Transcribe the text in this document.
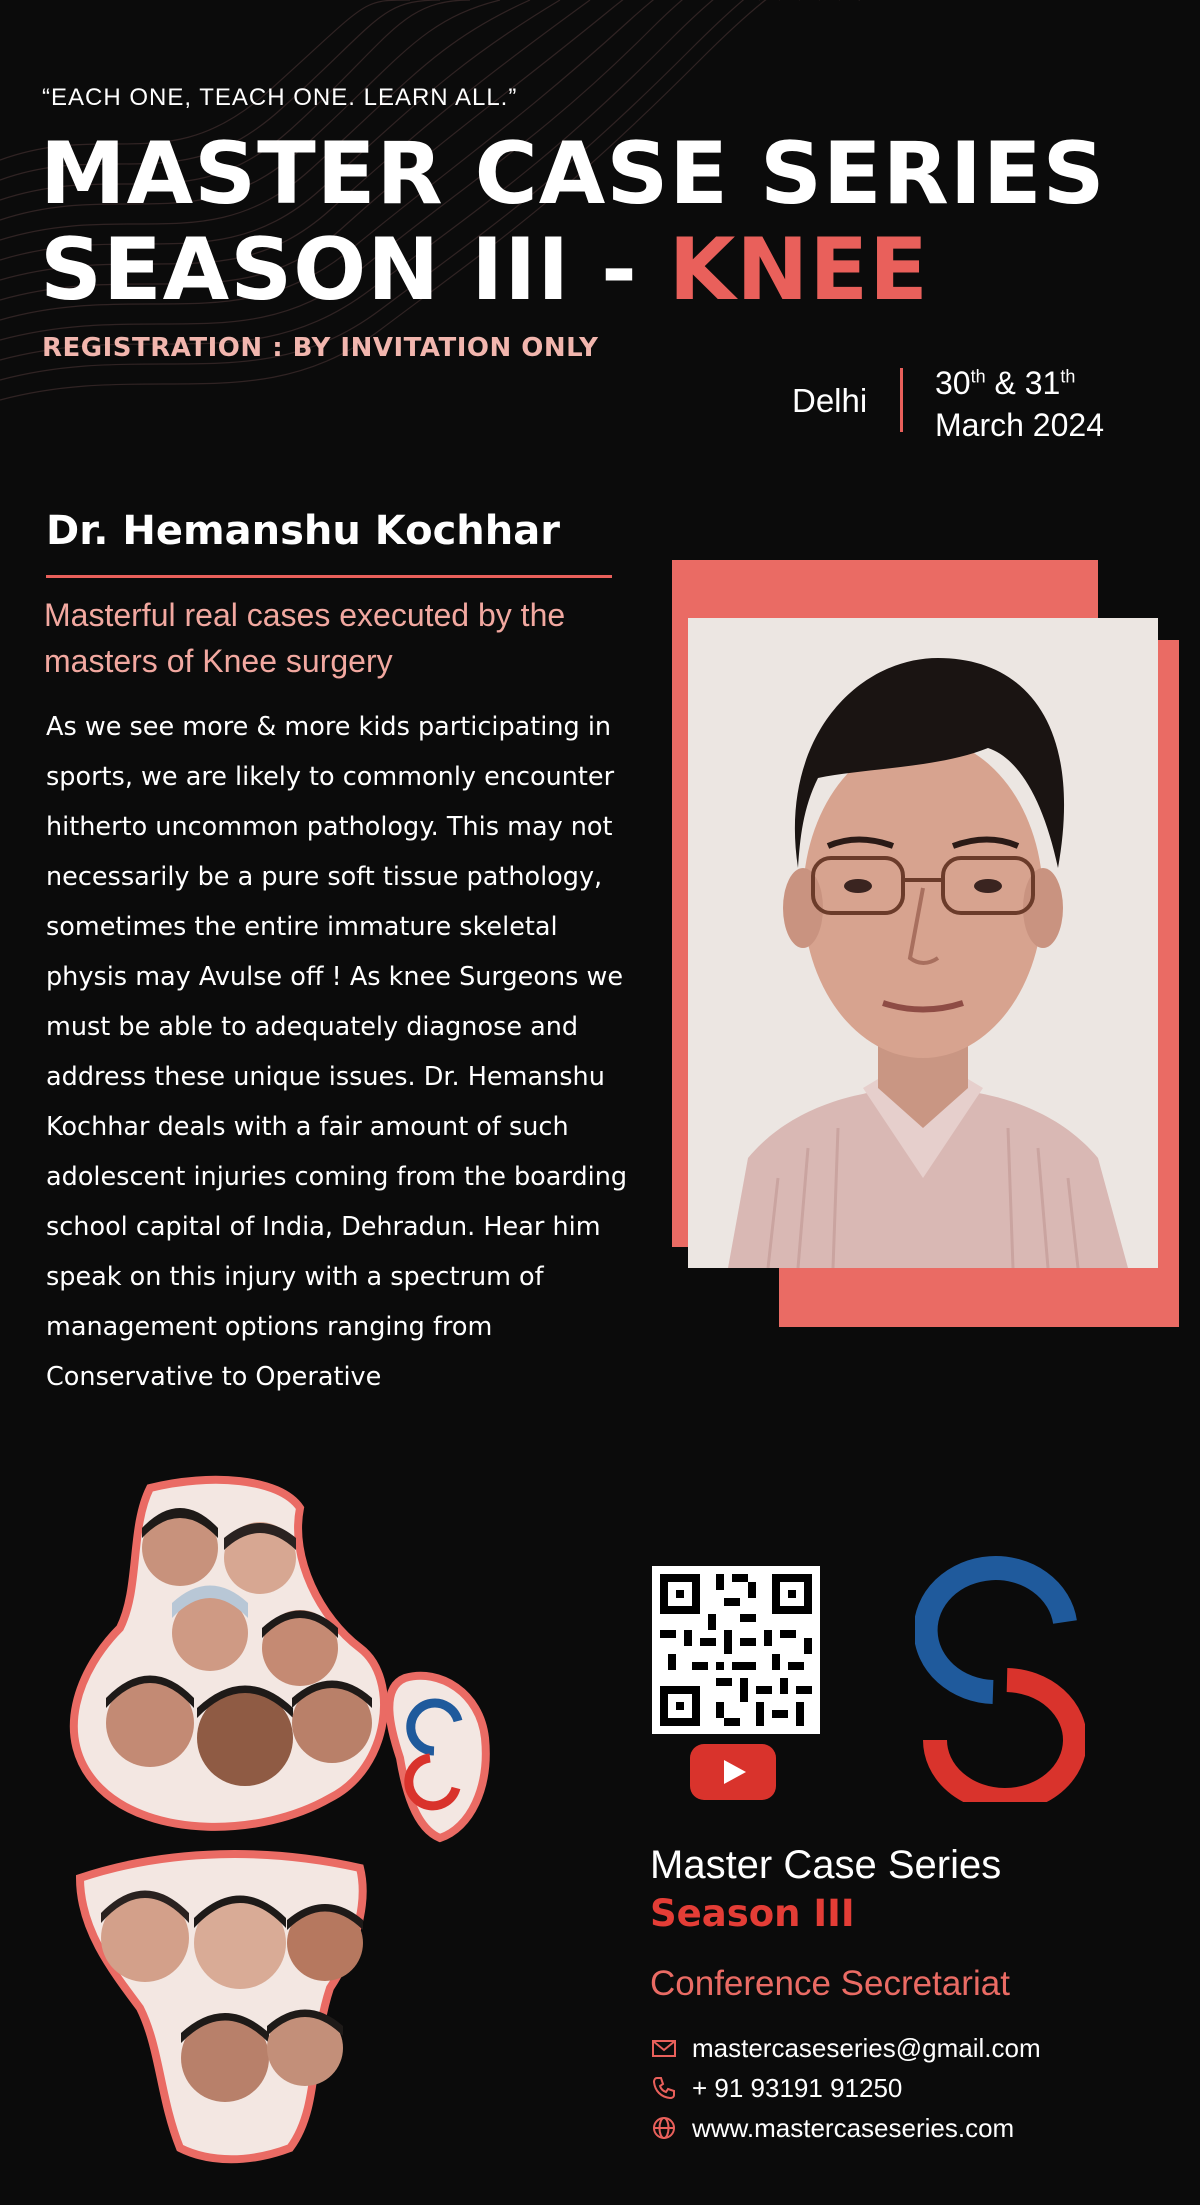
“EACH ONE, TEACH ONE. LEARN ALL.”
MASTER CASE SERIES
SEASON III - KNEE
REGISTRATION : BY INVITATION ONLY
Delhi 30th & 31th
March 2024
Dr. Hemanshu Kochhar
Masterful real cases executed by the masters of Knee surgery
As we see more & more kids participating in sports, we are likely to commonly encounter hitherto uncommon pathology. This may not necessarily be a pure soft tissue pathology, sometimes the entire immature skeletal physis may Avulse off ! As knee Surgeons we must be able to adequately diagnose and address these unique issues. Dr. Hemanshu Kochhar deals with a fair amount of such adolescent injuries coming from the boarding school capital of India, Dehradun. Hear him speak on this injury with a spectrum of management options ranging from Conservative to Operative
Master Case Series
Season III
Conference Secretariat
mastercaseseries@gmail.com
+ 91 93191 91250
www.mastercaseseries.com
